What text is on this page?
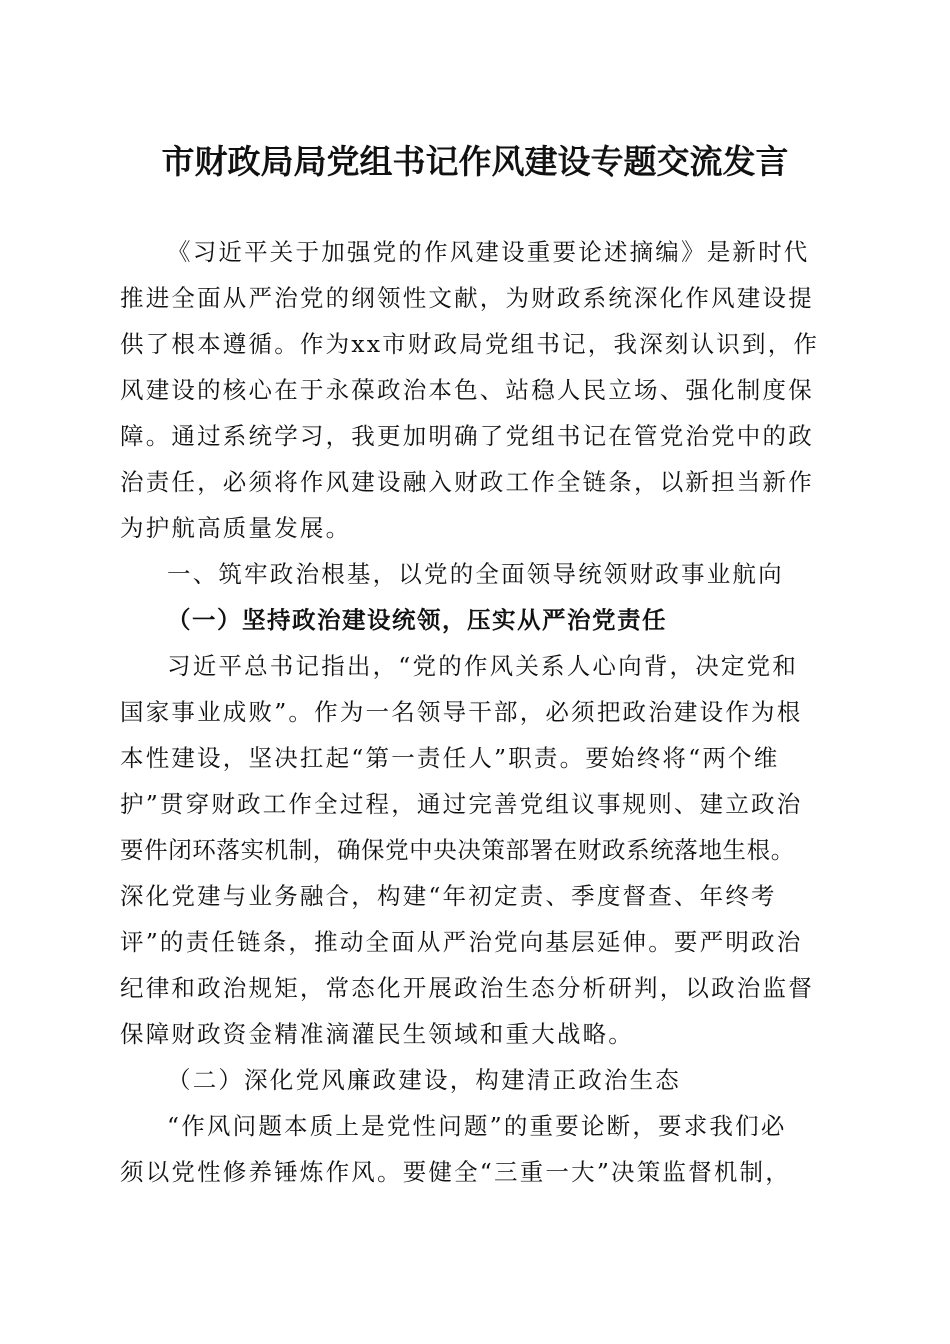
市财政局局党组书记作风建设专题交流发言

《习近平关于加强党的作风建设重要论述摘编》是新时代
推进全面从严治党的纲领性文献，为财政系统深化作风建设提
供了根本遵循。作为xx市财政局党组书记，我深刻认识到，作
风建设的核心在于永葆政治本色、站稳人民立场、强化制度保
障。通过系统学习，我更加明确了党组书记在管党治党中的政
治责任，必须将作风建设融入财政工作全链条，以新担当新作
为护航高质量发展。

一、筑牢政治根基，以党的全面领导统领财政事业航向

（一）坚持政治建设统领，压实从严治党责任

习近平总书记指出，“党的作风关系人心向背，决定党和
国家事业成败”。作为一名领导干部，必须把政治建设作为根
本性建设，坚决扛起“第一责任人”职责。要始终将“两个维
护”贯穿财政工作全过程，通过完善党组议事规则、建立政治
要件闭环落实机制，确保党中央决策部署在财政系统落地生根。
深化党建与业务融合，构建“年初定责、季度督查、年终考
评”的责任链条，推动全面从严治党向基层延伸。要严明政治
纪律和政治规矩，常态化开展政治生态分析研判，以政治监督
保障财政资金精准滴灌民生领域和重大战略。

（二）深化党风廉政建设，构建清正政治生态

“作风问题本质上是党性问题”的重要论断，要求我们必
须以党性修养锤炼作风。要健全“三重一大”决策监督机制，
